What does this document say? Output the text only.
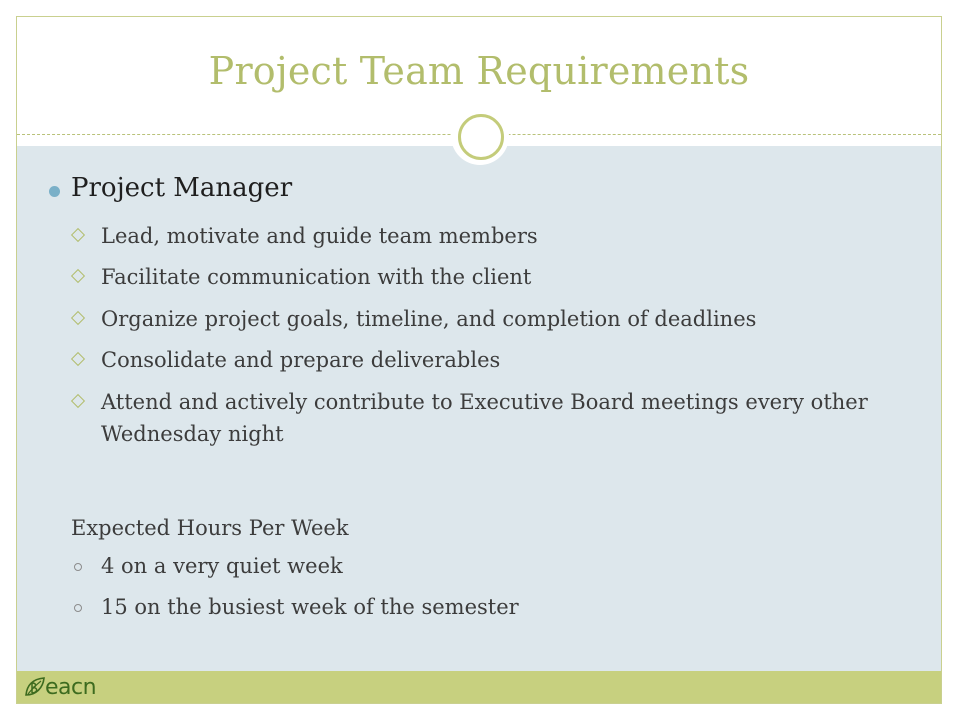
Project Team Requirements
Project Manager
Lead, motivate and guide team members
Facilitate communication with the client
Organize project goals, timeline, and completion of deadlines
Consolidate and prepare deliverables
Attend and actively contribute to Executive Board meetings every other Wednesday night
Expected Hours Per Week
4 on a very quiet week
15 on the busiest week of the semester
eacn
